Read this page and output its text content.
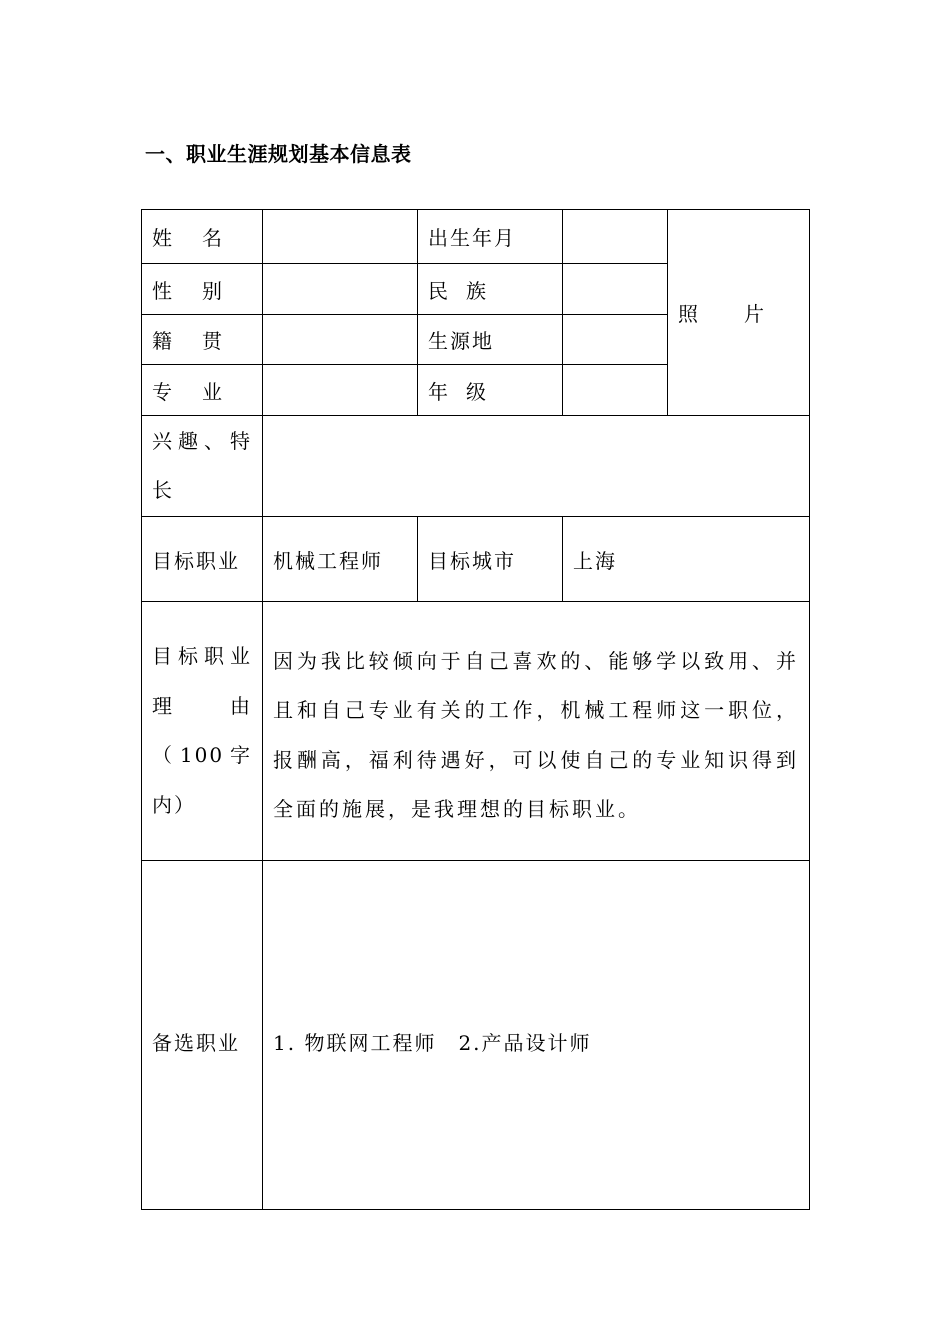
一、职业生涯规划基本信息表
姓 名		出生年月		照 片

性 别		民 族		

籍 贯		生源地		

专 业		年 级		

兴趣、特长				
目标职业	机械工程师	目标城市	上海	
目标职业理由（100字内）	因为我比较倾向于自己喜欢的、能够学以致用、并且和自己专业有关的工作，机械工程师这一职位，报酬高，福利待遇好，可以使自己的专业知识得到全面的施展，是我理想的目标职业。			

备选职业	1. 物联网工程师　2.产品设计师			
